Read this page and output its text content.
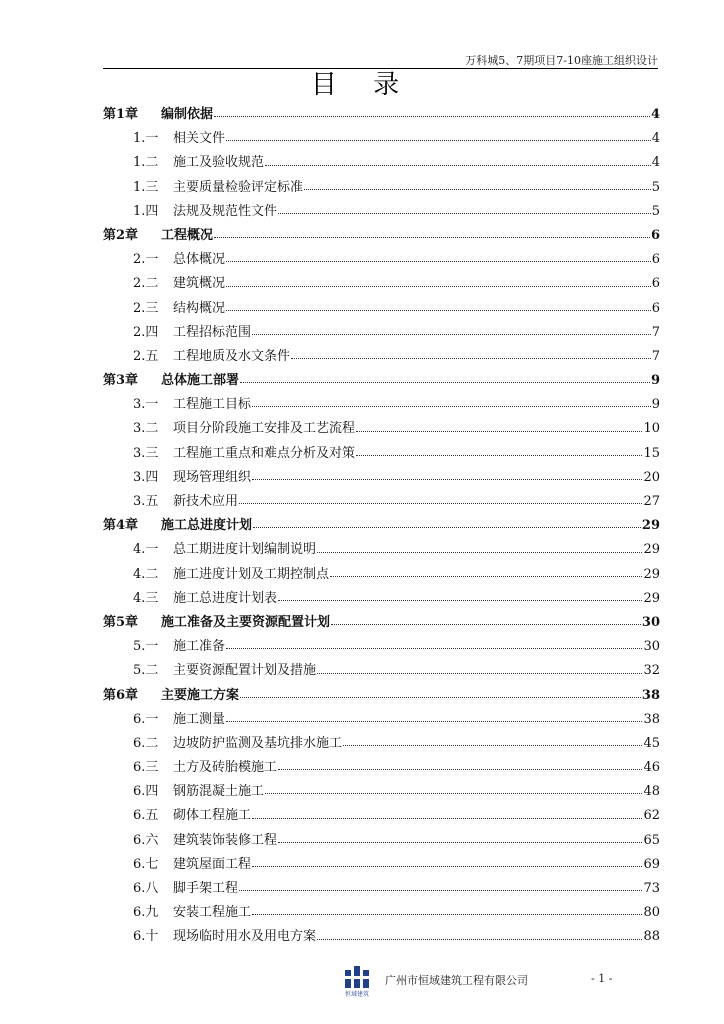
万科城5、7期项目7-10座施工组织设计
目 录
第1章	编制依据	4
1.一	相关文件	4
1.二	施工及验收规范	4
1.三	主要质量检验评定标准	5
1.四	法规及规范性文件	5
第2章	工程概况	6
2.一	总体概况	6
2.二	建筑概况	6
2.三	结构概况	6
2.四	工程招标范围	7
2.五	工程地质及水文条件	7
第3章	总体施工部署	9
3.一	工程施工目标	9
3.二	项目分阶段施工安排及工艺流程	10
3.三	工程施工重点和难点分析及对策	15
3.四	现场管理组织	20
3.五	新技术应用	27
第4章	施工总进度计划	29
4.一	总工期进度计划编制说明	29
4.二	施工进度计划及工期控制点	29
4.三	施工总进度计划表	29
第5章	施工准备及主要资源配置计划	30
5.一	施工准备	30
5.二	主要资源配置计划及措施	32
第6章	主要施工方案	38
6.一	施工测量	38
6.二	边坡防护监测及基坑排水施工	45
6.三	土方及砖胎模施工	46
6.四	钢筋混凝土施工	48
6.五	砌体工程施工	62
6.六	建筑装饰装修工程	65
6.七	建筑屋面工程	69
6.八	脚手架工程	73
6.九	安装工程施工	80
6.十	现场临时用水及用电方案	88
恒域建筑
广州市恒域建筑工程有限公司	- 1 -
